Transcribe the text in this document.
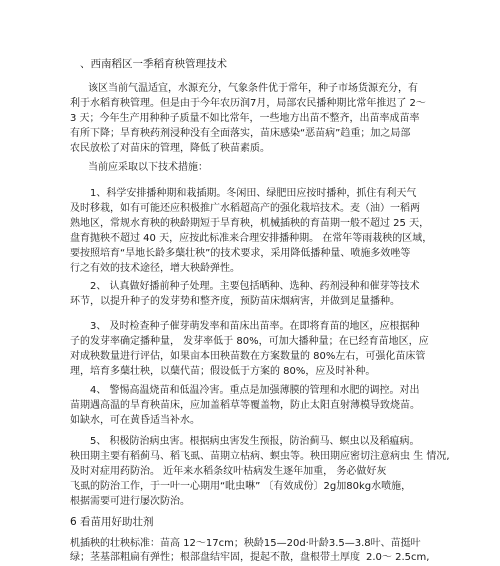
、西南稻区一季稻育秧管理技术
该区当前气温适宜，水源充分，气象条件优于常年，种子市场货源充分，有
利于水稻育秧管理。但是由于今年农历润7月，局部农民播种期比常年推迟了 2～
3 天；今年生产用种种子质量不如比常年，一些地方出苗不整齐，出苗率成苗率
有所下降；旱育秧药剂浸种没有全面落实，苗床感染“恶苗病”趋重；加之局部
农民放松了对苗床的管理，降低了秧苗素质。
当前应采取以下技术措施：
1、科学安排播种期和栽插期。冬闲田、绿肥田应按时播种，抓住有利天气
及时移栽，如有可能还应积极推广水稻超高产的强化栽培技术。麦（油）一稻两
熟地区，常规水育秧的秧龄期短于旱育秧，机械插秧的育苗期一般不超过 25 天，
盘育抛秧不超过 40 天，应按此标准来合理安排播种期。 在常年等雨栽秧的区域，
要按照培育“旱地长龄多蘖壮秧”的技术要求，采用降低播种量、喷施多效唑等
行之有效的技术途径，增大秧龄弹性。
2、 认真做好播前种子处理。主要包括晒种、选种、药剂浸种和催芽等技术
环节，以提升种子的发芽势和整齐度，预防苗床烟病害，并做到足量播种。
3、 及时检查种子催芽萌发率和苗床出苗率。在即将育苗的地区，应根据种
子的发芽率确定播种量， 发芽率低于 80%，可加大播种量；在已经育苗地区，应
对成秧数量进行评估，如果亩本田秧苗数在方案数量的 80%左右，可强化苗床管
理，培育多蘖壮秧，以蘖代苗；假设低于方案的 80%，应及时补种。
4、 警惕高温烧苗和低温冷害。重点是加强薄膜的管理和水肥的调控。对出
苗期遇高温的旱育秧苗床，应加盖稻草等覆盖物，防止太阳直射薄模导致烧苗。
如缺水，可在黄昏适当补水。
5、 积极防治病虫害。根据病虫害发生预报，防治蓟马、螟虫以及稻瘟病。
秧田期主要有稻蓟马、稻飞虱、苗期立枯病、螟虫等。秧田期应密切注意病虫 生 情况,
及时对症用药防治。 近年来水稻条纹叶枯病发生逐年加重， 务必做好灰
飞虱的防治工作，于一叶一心期用“吡虫啉” 〔有效成份〕2g加80kg水喷施，
根据需要可进行屡次防治。
6 看苗用好助壮剂
机插秧的壮秧标准：苗高 12～17cm；秧龄15—20d·叶龄3.5—3.8叶、苗挺叶
绿；茎基部粗扁有弹性；根部盘结牢固，提起不散，盘根带土厚度 2.0～ 2.5cm,
